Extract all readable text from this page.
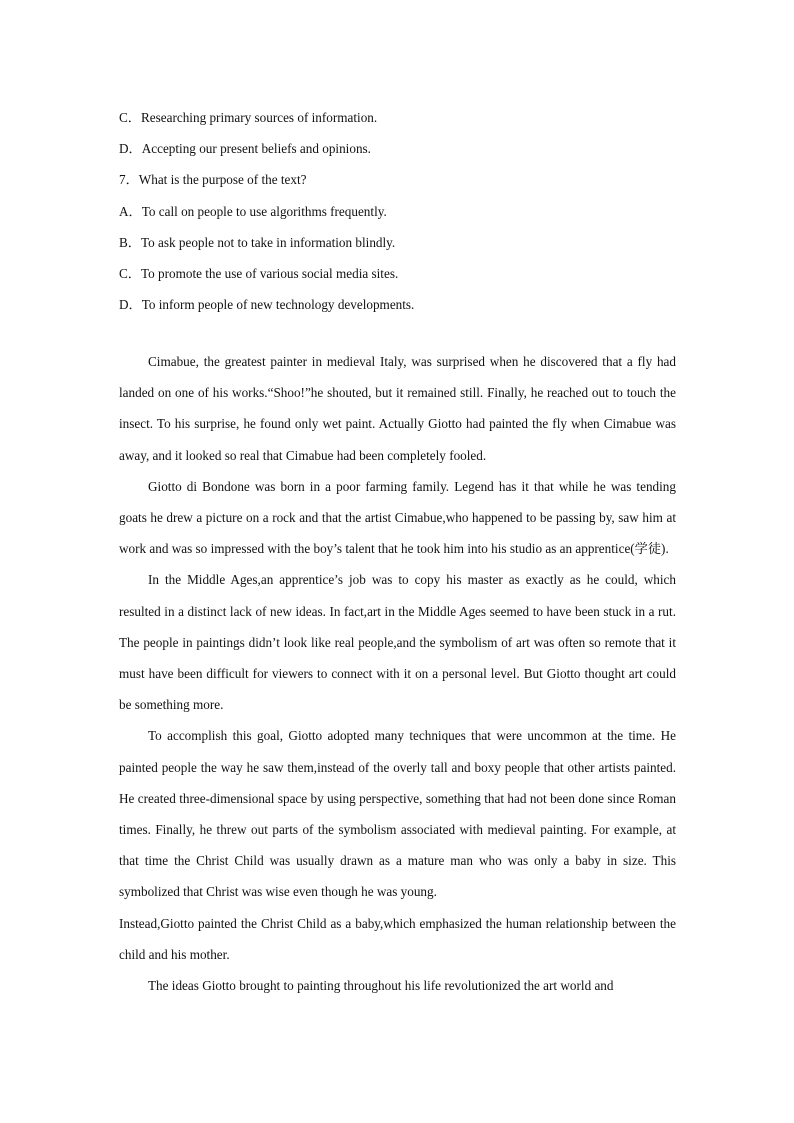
C．Researching primary sources of information.
D．Accepting our present beliefs and opinions.
7．What is the purpose of the text?
A．To call on people to use algorithms frequently.
B．To ask people not to take in information blindly.
C．To promote the use of various social media sites.
D．To inform people of new technology developments.

Cimabue, the greatest painter in medieval Italy, was surprised when he discovered that a fly had landed on one of his works.“Shoo!”he shouted, but it remained still. Finally, he reached out to touch the insect. To his surprise, he found only wet paint. Actually Giotto had painted the fly when Cimabue was away, and it looked so real that Cimabue had been completely fooled.

Giotto di Bondone was born in a poor farming family. Legend has it that while he was tending goats he drew a picture on a rock and that the artist Cimabue,who happened to be passing by, saw him at work and was so impressed with the boy’s talent that he took him into his studio as an apprentice(学徒).

In the Middle Ages,an apprentice’s job was to copy his master as exactly as he could, which resulted in a distinct lack of new ideas. In fact,art in the Middle Ages seemed to have been stuck in a rut. The people in paintings didn’t look like real people,and the symbolism of art was often so remote that it must have been difficult for viewers to connect with it on a personal level. But Giotto thought art could be something more.

To accomplish this goal, Giotto adopted many techniques that were uncommon at the time. He painted people the way he saw them,instead of the overly tall and boxy people that other artists painted. He created three-dimensional space by using perspective, something that had not been done since Roman times. Finally, he threw out parts of the symbolism associated with medieval painting. For example, at that time the Christ Child was usually drawn as a mature man who was only a baby in size. This symbolized that Christ was wise even though he was young.

Instead,Giotto painted the Christ Child as a baby,which emphasized the human relationship between the child and his mother.

The ideas Giotto brought to painting throughout his life revolutionized the art world and
